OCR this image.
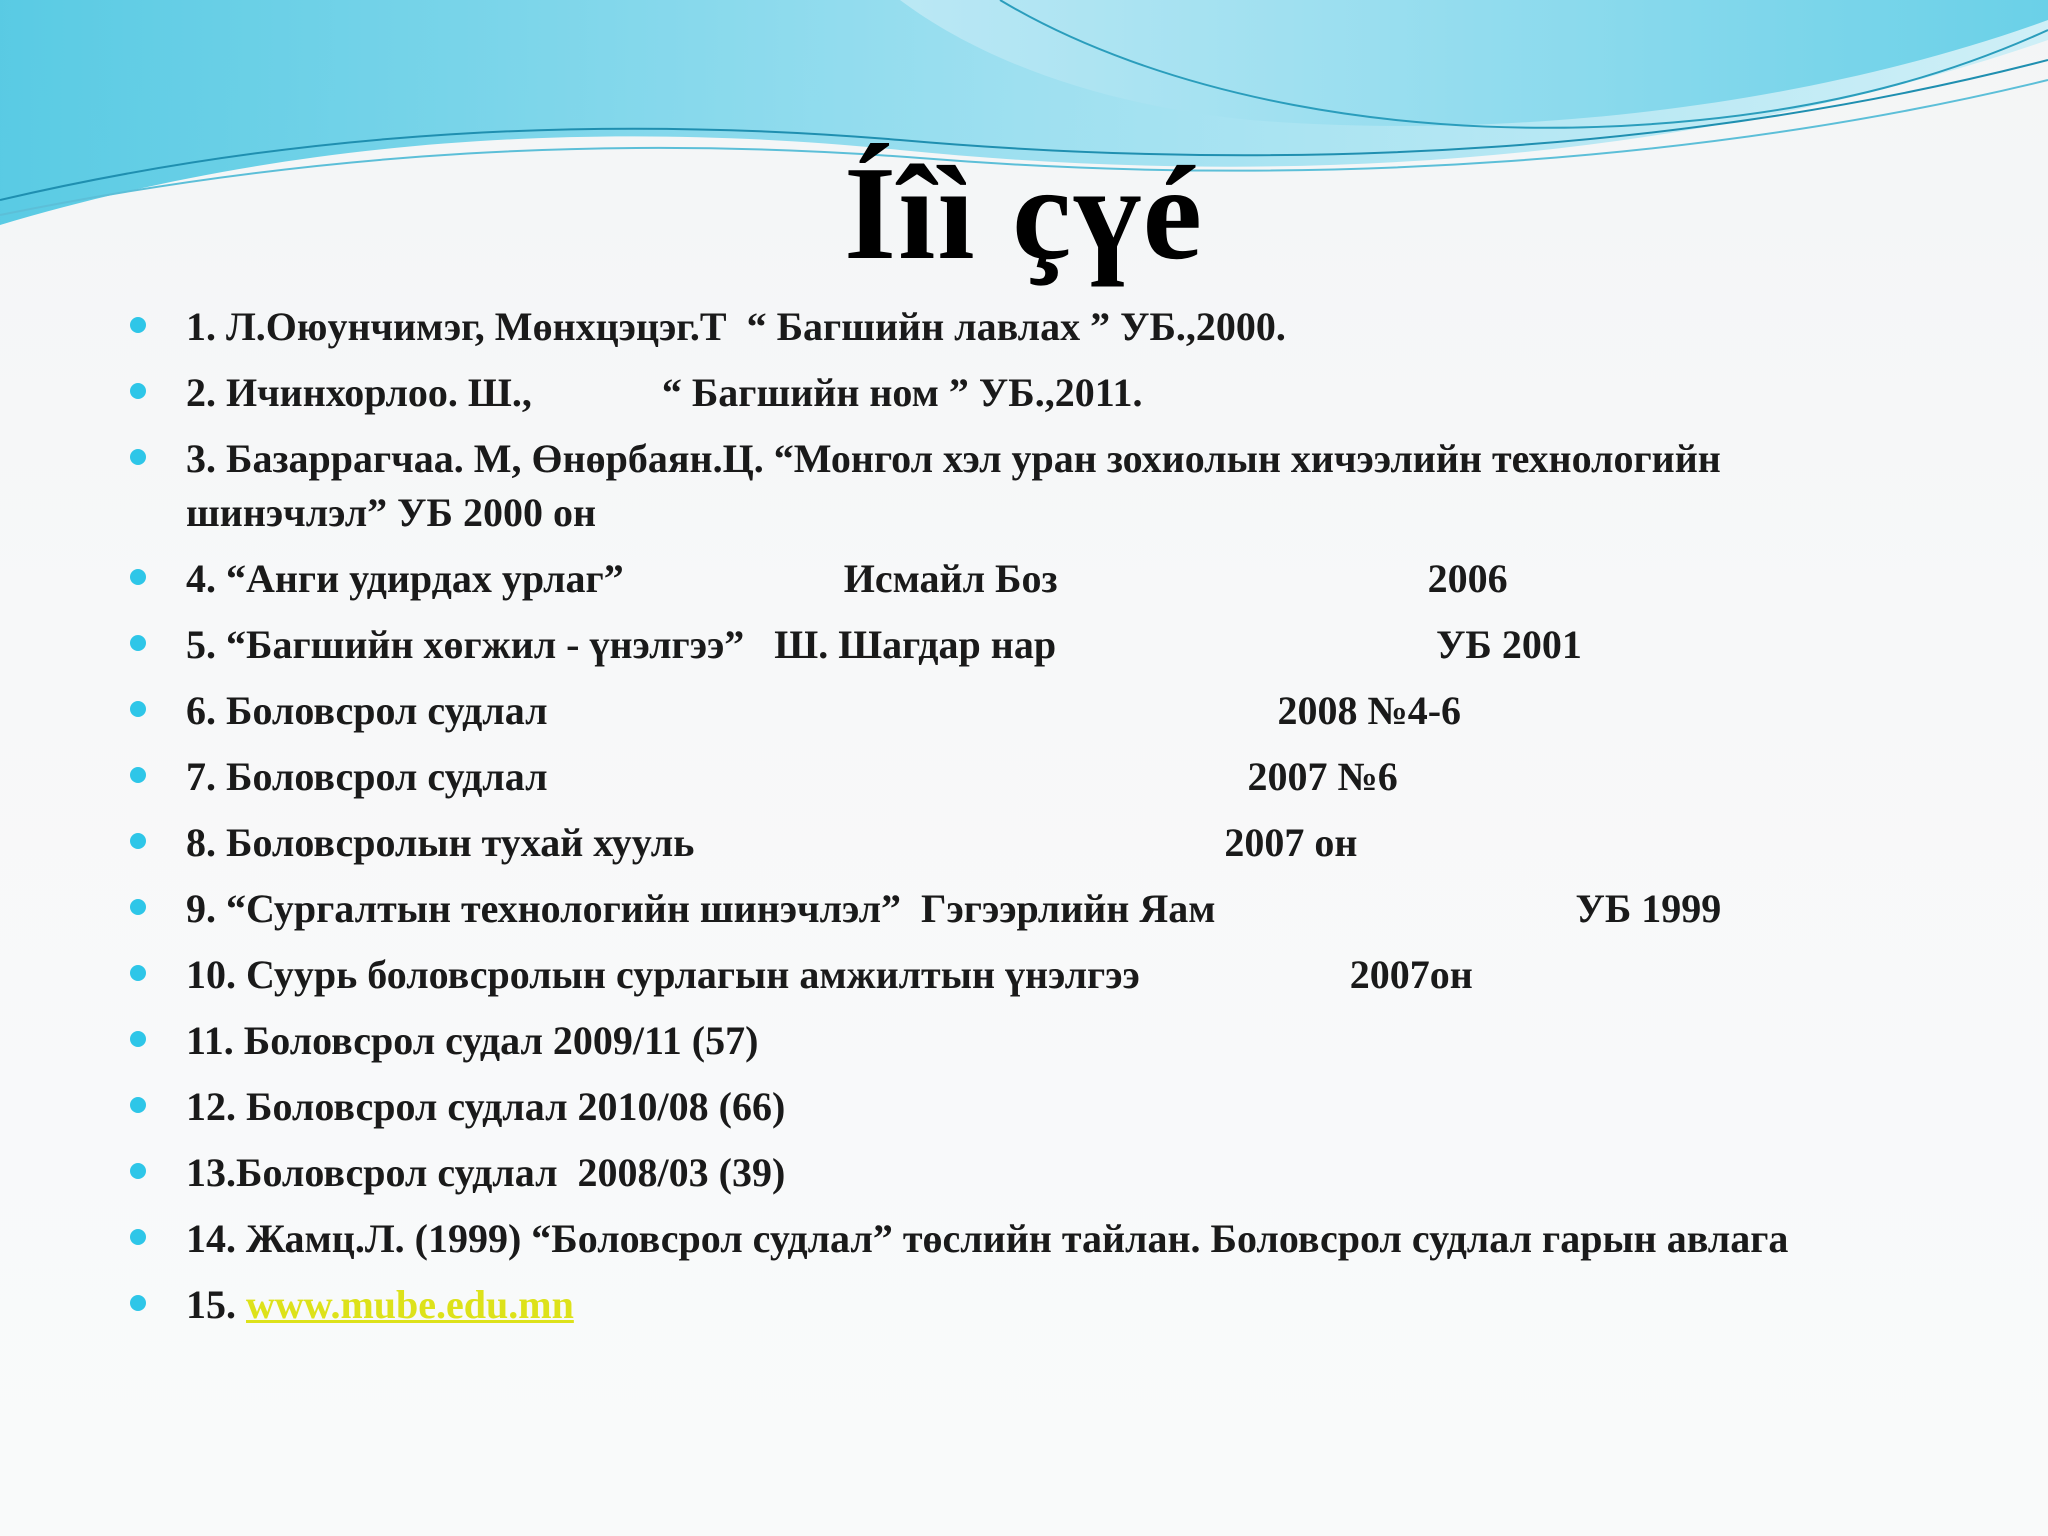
Íîì çүé
1. Л.Оюунчимэг, Мөнхцэцэг.Т  “ Багшийн лавлах ” УБ.,2000.
2. Ичинхорлоо. Ш.,             “ Багшийн ном ” УБ.,2011.
3. Базаррагчаа. М, Өнөрбаян.Ц. “Монгол хэл уран зохиолын хичээлийн технологийн шинэчлэл” УБ 2000 он
4. “Анги удирдах урлаг”                      Исмайл Боз                                     2006
5. “Багшийн хөгжил - үнэлгээ”   Ш. Шагдар нар                                      УБ 2001
6. Боловсрол судлал                                                                         2008 №4-6
7. Боловсрол судлал                                                                      2007 №6
8. Боловсролын тухай хууль                                                     2007 он
9. “Сургалтын технологийн шинэчлэл”  Гэгээрлийн Яам                                    УБ 1999
10. Суурь боловсролын сурлагын амжилтын үнэлгээ                     2007он
11. Боловсрол судал 2009/11 (57)
12. Боловсрол судлал 2010/08 (66)
13.Боловсрол судлал  2008/03 (39)
14. Жамц.Л. (1999) “Боловсрол судлал” төслийн тайлан. Боловсрол судлал гарын авлага
15. www.mube.edu.mn
